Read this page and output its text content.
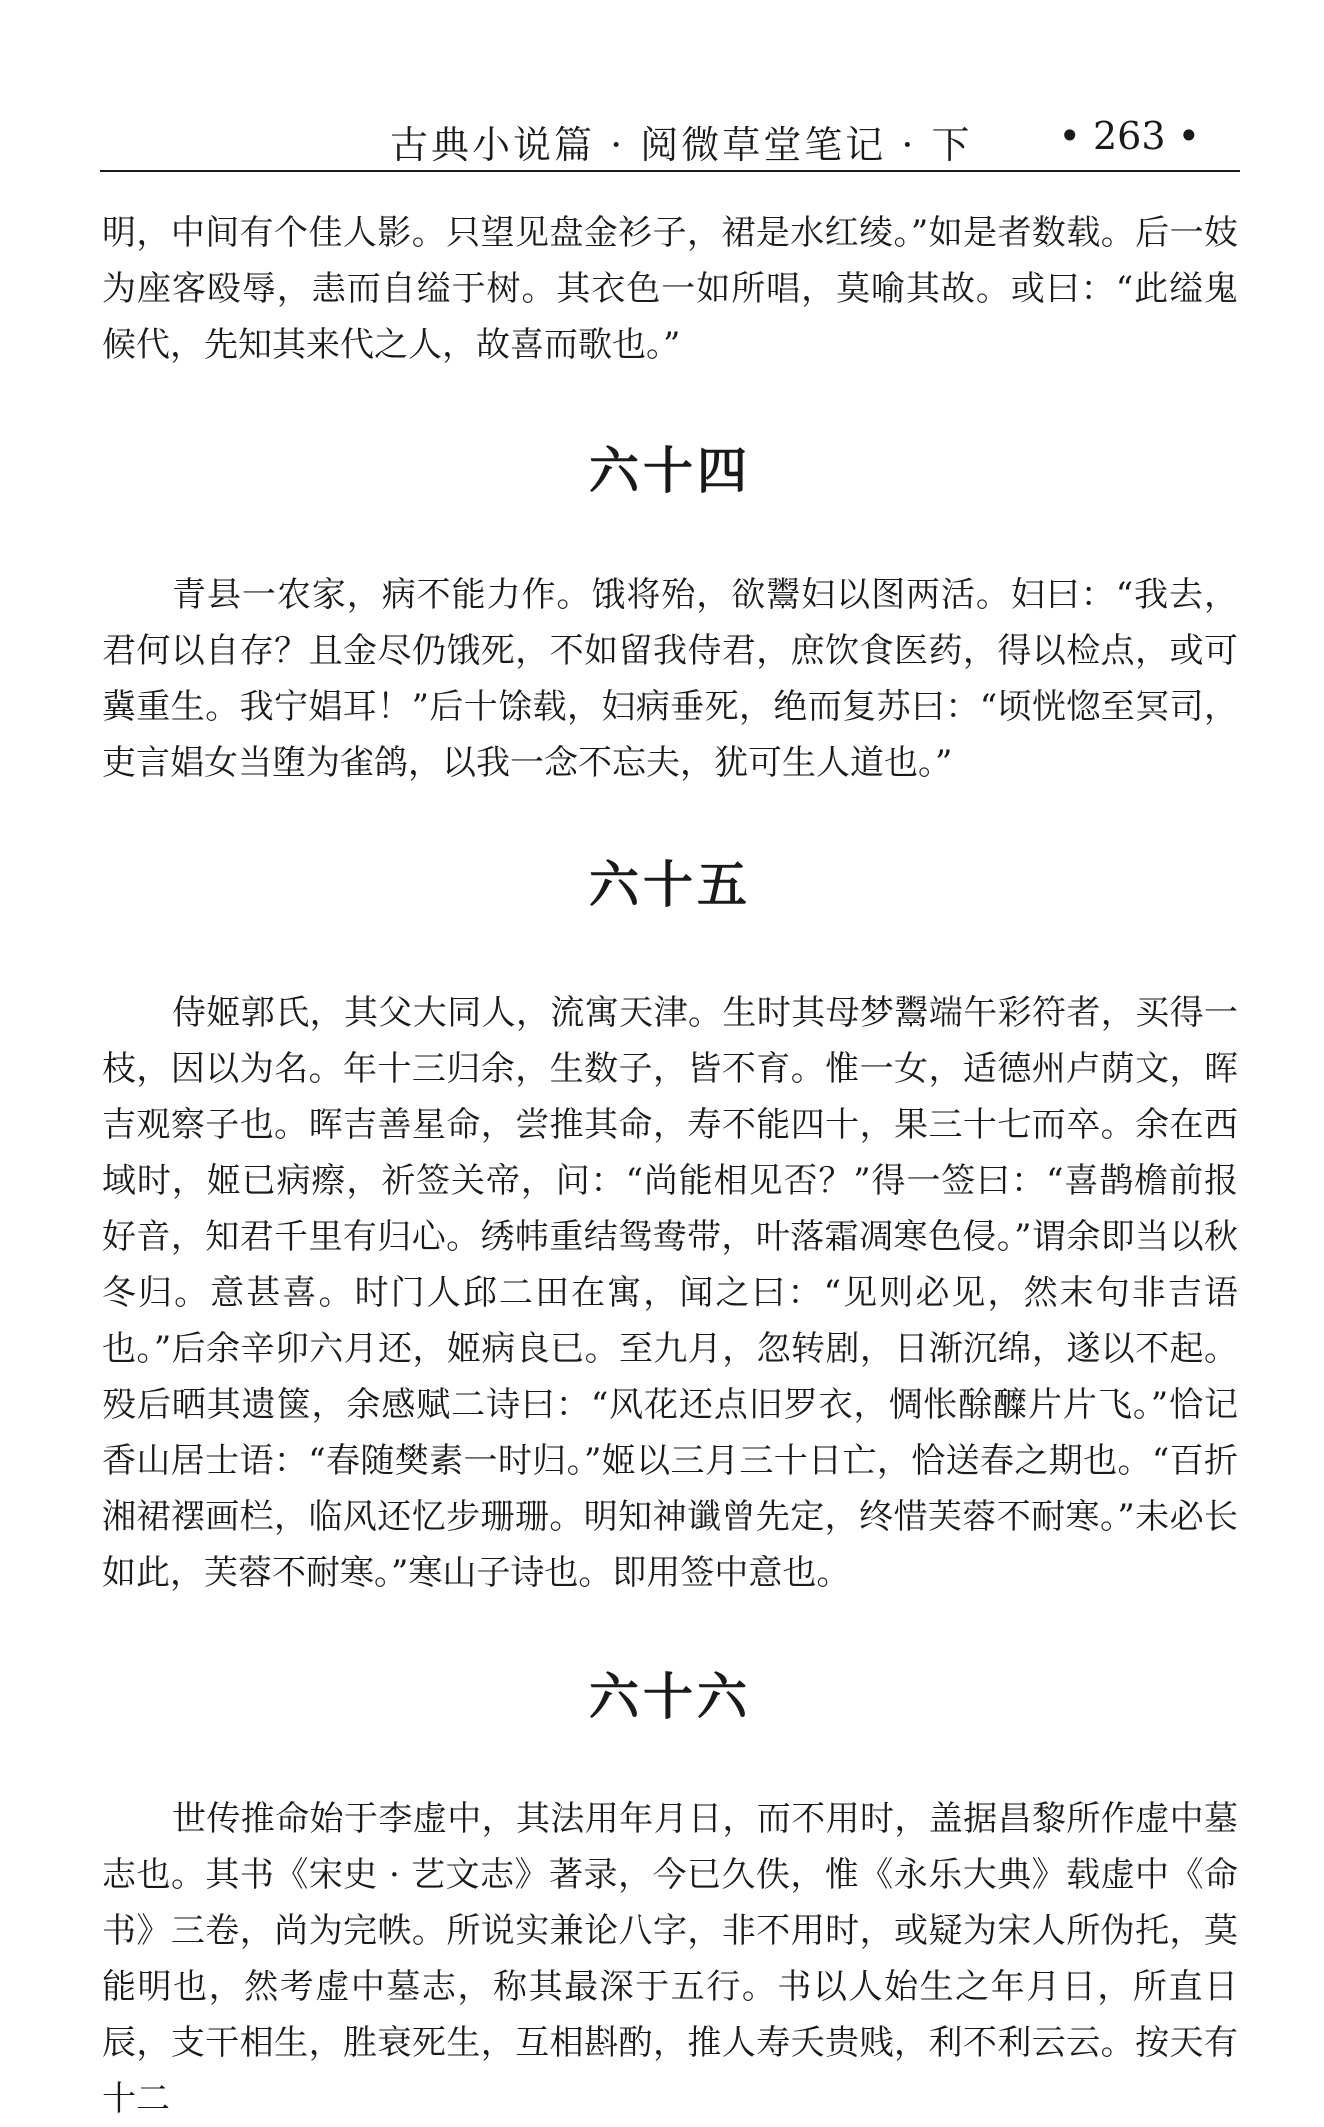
古典小说篇 · 阅微草堂笔记 · 下 • 263 •

明，中间有个佳人影。只望见盘金衫子，裙是水红绫。”如是者数载。后一妓为座客殴辱，恚而自缢于树。其衣色一如所唱，莫喻其故。或曰：“此缢鬼候代，先知其来代之人，故喜而歌也。”

六十四

青县一农家，病不能力作。饿将殆，欲鬻妇以图两活。妇曰：“我去，君何以自存？且金尽仍饿死，不如留我侍君，庶饮食医药，得以检点，或可冀重生。我宁娼耳！”后十馀载，妇病垂死，绝而复苏曰：“顷恍惚至冥司，吏言娼女当堕为雀鸽，以我一念不忘夫，犹可生人道也。”

六十五

侍姬郭氏，其父大同人，流寓天津。生时其母梦鬻端午彩符者，买得一枝，因以为名。年十三归余，生数子，皆不育。惟一女，适德州卢荫文，晖吉观察子也。晖吉善星命，尝推其命，寿不能四十，果三十七而卒。余在西域时，姬已病瘵，祈签关帝，问：“尚能相见否？”得一签曰：“喜鹊檐前报好音，知君千里有归心。绣帏重结鸳鸯带，叶落霜凋寒色侵。”谓余即当以秋冬归。意甚喜。时门人邱二田在寓，闻之曰：“见则必见，然末句非吉语也。”后余辛卯六月还，姬病良已。至九月，忽转剧，日渐沉绵，遂以不起。殁后晒其遗箧，余感赋二诗曰：“风花还点旧罗衣，惆怅酴醾片片飞。”恰记香山居士语：“春随樊素一时归。”姬以三月三十日亡，恰送春之期也。“百折湘裙䙓画栏，临风还忆步珊珊。明知神谶曾先定，终惜芙蓉不耐寒。”未必长如此，芙蓉不耐寒。”寒山子诗也。即用签中意也。

六十六

世传推命始于李虚中，其法用年月日，而不用时，盖据昌黎所作虚中墓志也。其书《宋史 · 艺文志》著录，今已久佚，惟《永乐大典》载虚中《命书》三卷，尚为完帙。所说实兼论八字，非不用时，或疑为宋人所伪托，莫能明也，然考虚中墓志，称其最深于五行。书以人始生之年月日，所直日辰，支干相生，胜衰死生，互相斟酌，推人寿夭贵贱，利不利云云。按天有十二
